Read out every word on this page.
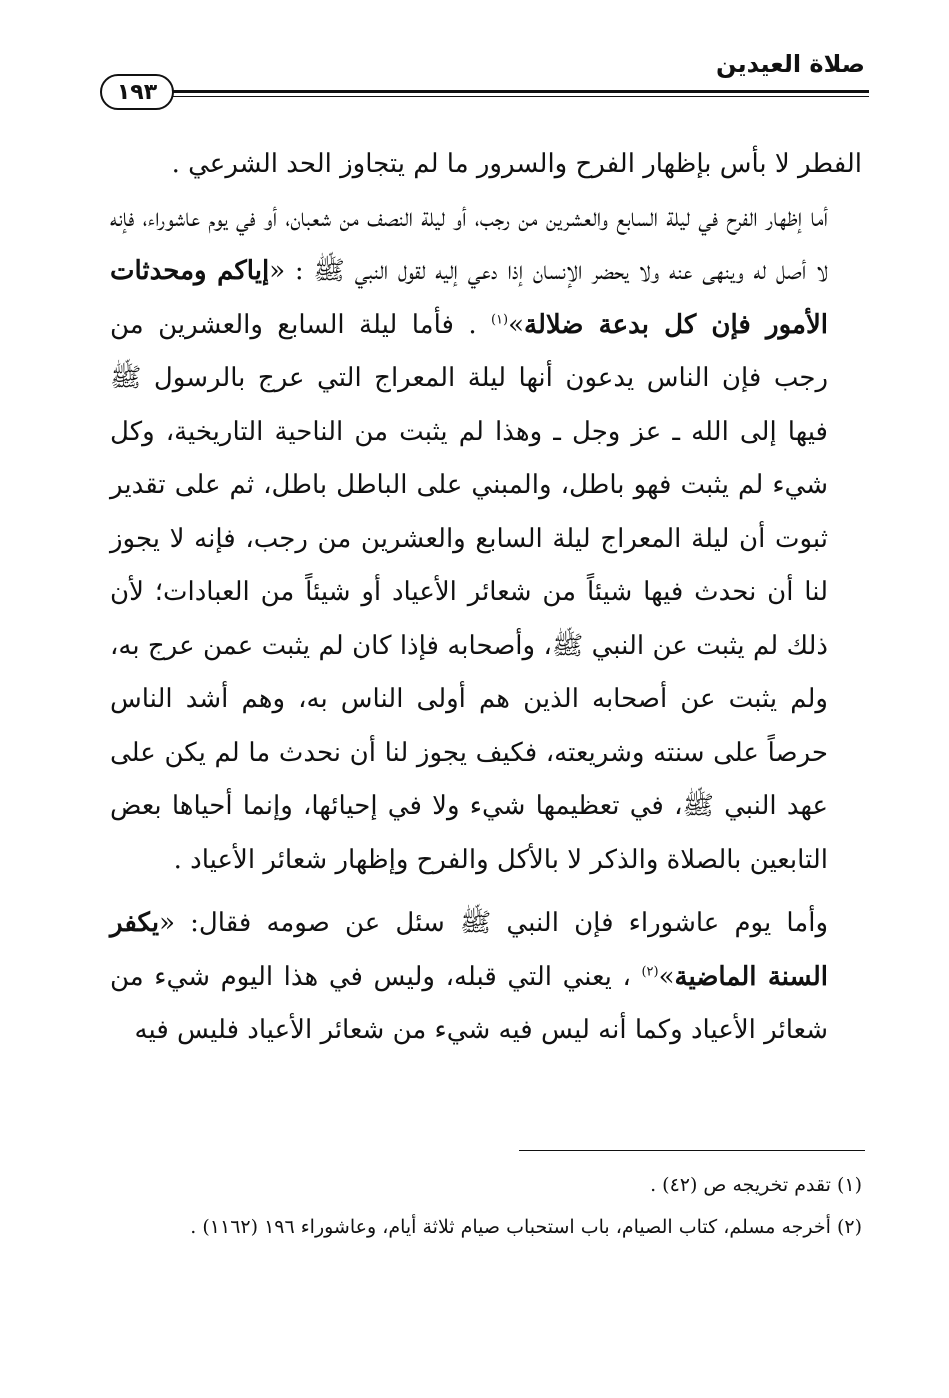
صلاة العيدين
١٩٣

الفطر لا بأس بإظهار الفرح والسرور ما لم يتجاوز الحد الشرعي .

أما إظهار الفرح في ليلة السابع والعشرين من رجب، أو ليلة النصف من شعبان، أو في يوم عاشوراء، فإنه لا أصل له وينهى عنه ولا يحضر الإنسان إذا دعي إليه لقول النبي ﷺ : «إياكم ومحدثات الأمور فإن كل بدعة ضلالة»$^{(١)}$ . فأما ليلة السابع والعشرين من رجب فإن الناس يدعون أنها ليلة المعراج التي عرج بالرسول ﷺ فيها إلى الله ـ عز وجل ـ وهذا لم يثبت من الناحية التاريخية، وكل شيء لم يثبت فهو باطل، والمبني على الباطل باطل، ثم على تقدير ثبوت أن ليلة المعراج ليلة السابع والعشرين من رجب، فإنه لا يجوز لنا أن نحدث فيها شيئاً من شعائر الأعياد أو شيئاً من العبادات؛ لأن ذلك لم يثبت عن النبي ﷺ، وأصحابه فإذا كان لم يثبت عمن عرج به، ولم يثبت عن أصحابه الذين هم أولى الناس به، وهم أشد الناس حرصاً على سنته وشريعته، فكيف يجوز لنا أن نحدث ما لم يكن على عهد النبي ﷺ، في تعظيمها شيء ولا في إحيائها، وإنما أحياها بعض التابعين بالصلاة والذكر لا بالأكل والفرح وإظهار شعائر الأعياد .

وأما يوم عاشوراء فإن النبي ﷺ سئل عن صومه فقال: «يكفر السنة الماضية»$^{(٢)}$ ، يعني التي قبله، وليس في هذا اليوم شيء من شعائر الأعياد وكما أنه ليس فيه شيء من شعائر الأعياد فليس فيه

(١) تقدم تخريجه ص (٤٢) .

(٢) أخرجه مسلم، كتاب الصيام، باب استحباب صيام ثلاثة أيام، وعاشوراء ١٩٦ (١١٦٢) .
